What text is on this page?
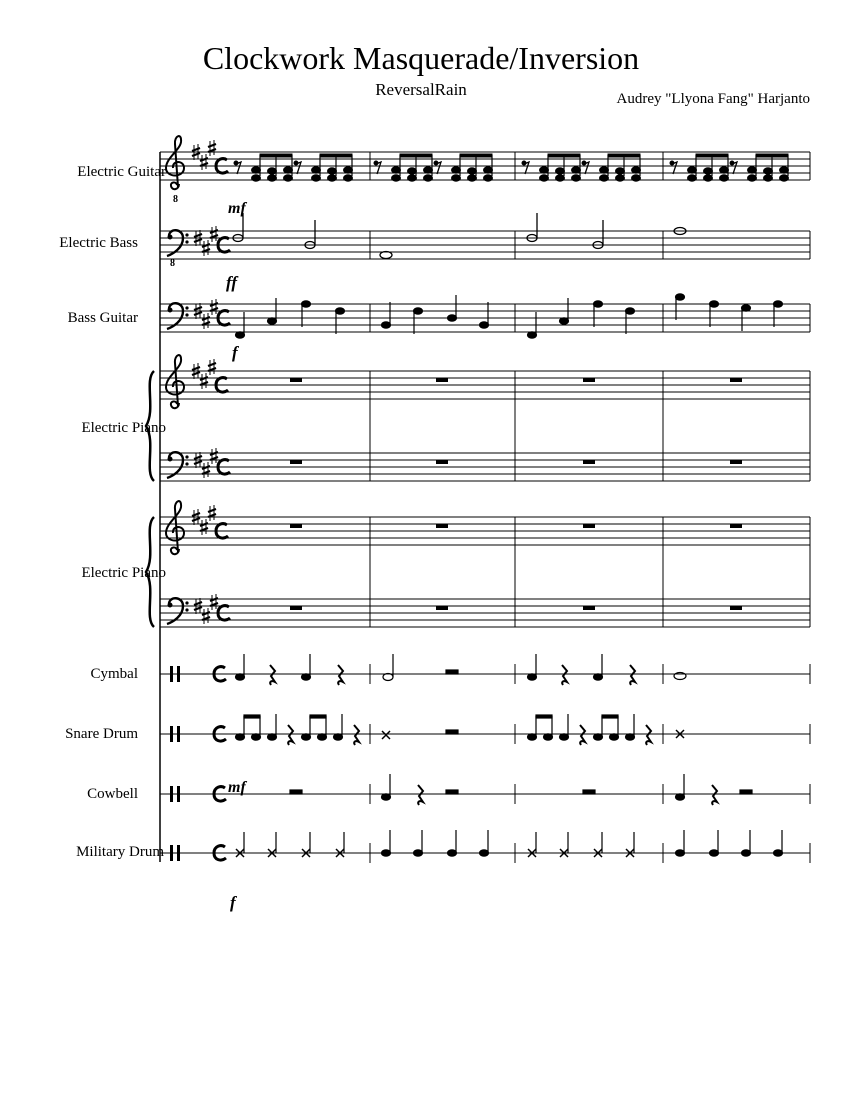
Clockwork Masquerade/Inversion
ReversalRain	Audrey "Llyona Fang" Harjanto
Electric Guitar
Electric Bass
Bass Guitar
Electric Piano
Electric Piano
Cymbal
Snare Drum
Cowbell
Military Drum
8
mf
8
ff
f
mf
f
